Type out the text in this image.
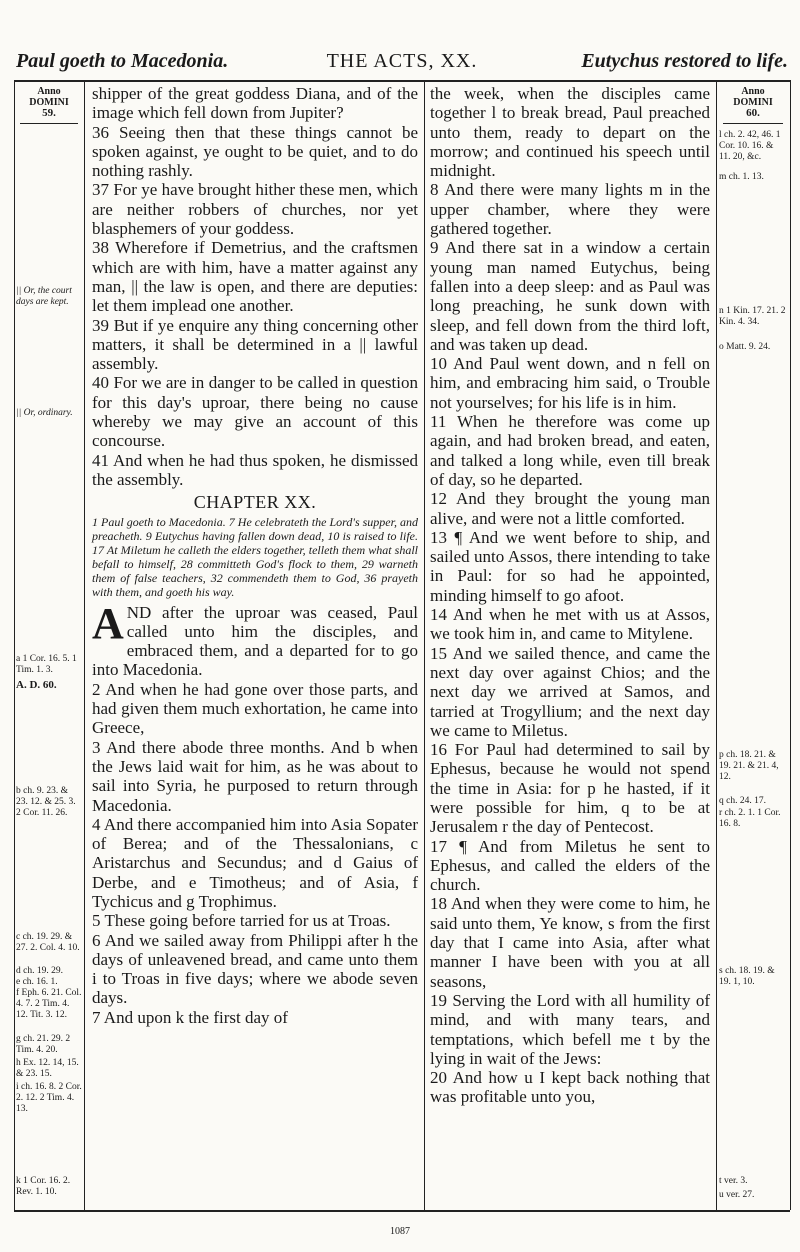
Paul goeth to Macedonia.	THE ACTS, XX.	Eutychus restored to life.
Anno
DOMINI
59.
|| Or, the court days are kept.
|| Or, ordinary.
a 1 Cor. 16. 5. 1 Tim. 1. 3.
A. D. 60.
b ch. 9. 23. & 23. 12. & 25. 3. 2 Cor. 11. 26.
c ch. 19. 29. & 27. 2. Col. 4. 10.
d ch. 19. 29.
e ch. 16. 1.
f Eph. 6. 21. Col. 4. 7. 2 Tim. 4. 12. Tit. 3. 12.
g ch. 21. 29. 2 Tim. 4. 20.
h Ex. 12. 14, 15. & 23. 15.
i ch. 16. 8. 2 Cor. 2. 12. 2 Tim. 4. 13.
k 1 Cor. 16. 2. Rev. 1. 10.

shipper of the great goddess Diana, and of the image which fell down from Jupiter?

36 Seeing then that these things cannot be spoken against, ye ought to be quiet, and to do nothing rashly.

37 For ye have brought hither these men, which are neither robbers of churches, nor yet blasphemers of your goddess.

38 Wherefore if Demetrius, and the craftsmen which are with him, have a matter against any man, || the law is open, and there are deputies: let them implead one another.

39 But if ye enquire any thing concerning other matters, it shall be determined in a || lawful assembly.

40 For we are in danger to be called in question for this day's uproar, there being no cause whereby we may give an account of this concourse.

41 And when he had thus spoken, he dismissed the assembly.

CHAPTER XX.
1 Paul goeth to Macedonia. 7 He celebrateth the Lord's supper, and preacheth. 9 Eutychus having fallen down dead, 10 is raised to life. 17 At Miletum he calleth the elders together, telleth them what shall befall to himself, 28 committeth God's flock to them, 29 warneth them of false teachers, 32 commendeth them to God, 36 prayeth with them, and goeth his way.

AND after the uproar was ceased, Paul called unto him the disciples, and embraced them, and a departed for to go into Macedonia.

2 And when he had gone over those parts, and had given them much exhortation, he came into Greece,

3 And there abode three months. And b when the Jews laid wait for him, as he was about to sail into Syria, he purposed to return through Macedonia.

4 And there accompanied him into Asia Sopater of Berea; and of the Thessalonians, c Aristarchus and Secundus; and d Gaius of Derbe, and e Timotheus; and of Asia, f Tychicus and g Trophimus.

5 These going before tarried for us at Troas.

6 And we sailed away from Philippi after h the days of unleavened bread, and came unto them i to Troas in five days; where we abode seven days.

7 And upon k the first day of

the week, when the disciples came together l to break bread, Paul preached unto them, ready to depart on the morrow; and continued his speech until midnight.

8 And there were many lights m in the upper chamber, where they were gathered together.

9 And there sat in a window a certain young man named Eutychus, being fallen into a deep sleep: and as Paul was long preaching, he sunk down with sleep, and fell down from the third loft, and was taken up dead.

10 And Paul went down, and n fell on him, and embracing him said, o Trouble not yourselves; for his life is in him.

11 When he therefore was come up again, and had broken bread, and eaten, and talked a long while, even till break of day, so he departed.

12 And they brought the young man alive, and were not a little comforted.

13 ¶ And we went before to ship, and sailed unto Assos, there intending to take in Paul: for so had he appointed, minding himself to go afoot.

14 And when he met with us at Assos, we took him in, and came to Mitylene.

15 And we sailed thence, and came the next day over against Chios; and the next day we arrived at Samos, and tarried at Trogyllium; and the next day we came to Miletus.

16 For Paul had determined to sail by Ephesus, because he would not spend the time in Asia: for p he hasted, if it were possible for him, q to be at Jerusalem r the day of Pentecost.

17 ¶ And from Miletus he sent to Ephesus, and called the elders of the church.

18 And when they were come to him, he said unto them, Ye know, s from the first day that I came into Asia, after what manner I have been with you at all seasons,

19 Serving the Lord with all humility of mind, and with many tears, and temptations, which befell me t by the lying in wait of the Jews:

20 And how u I kept back nothing that was profitable unto you,

Anno
DOMINI
60.
l ch. 2. 42, 46. 1 Cor. 10. 16. & 11. 20, &c.
m ch. 1. 13.
n 1 Kin. 17. 21. 2 Kin. 4. 34.
o Matt. 9. 24.
p ch. 18. 21. & 19. 21. & 21. 4, 12.
q ch. 24. 17.
r ch. 2. 1. 1 Cor. 16. 8.
s ch. 18. 19. & 19. 1, 10.
t ver. 3.
u ver. 27.
1087
